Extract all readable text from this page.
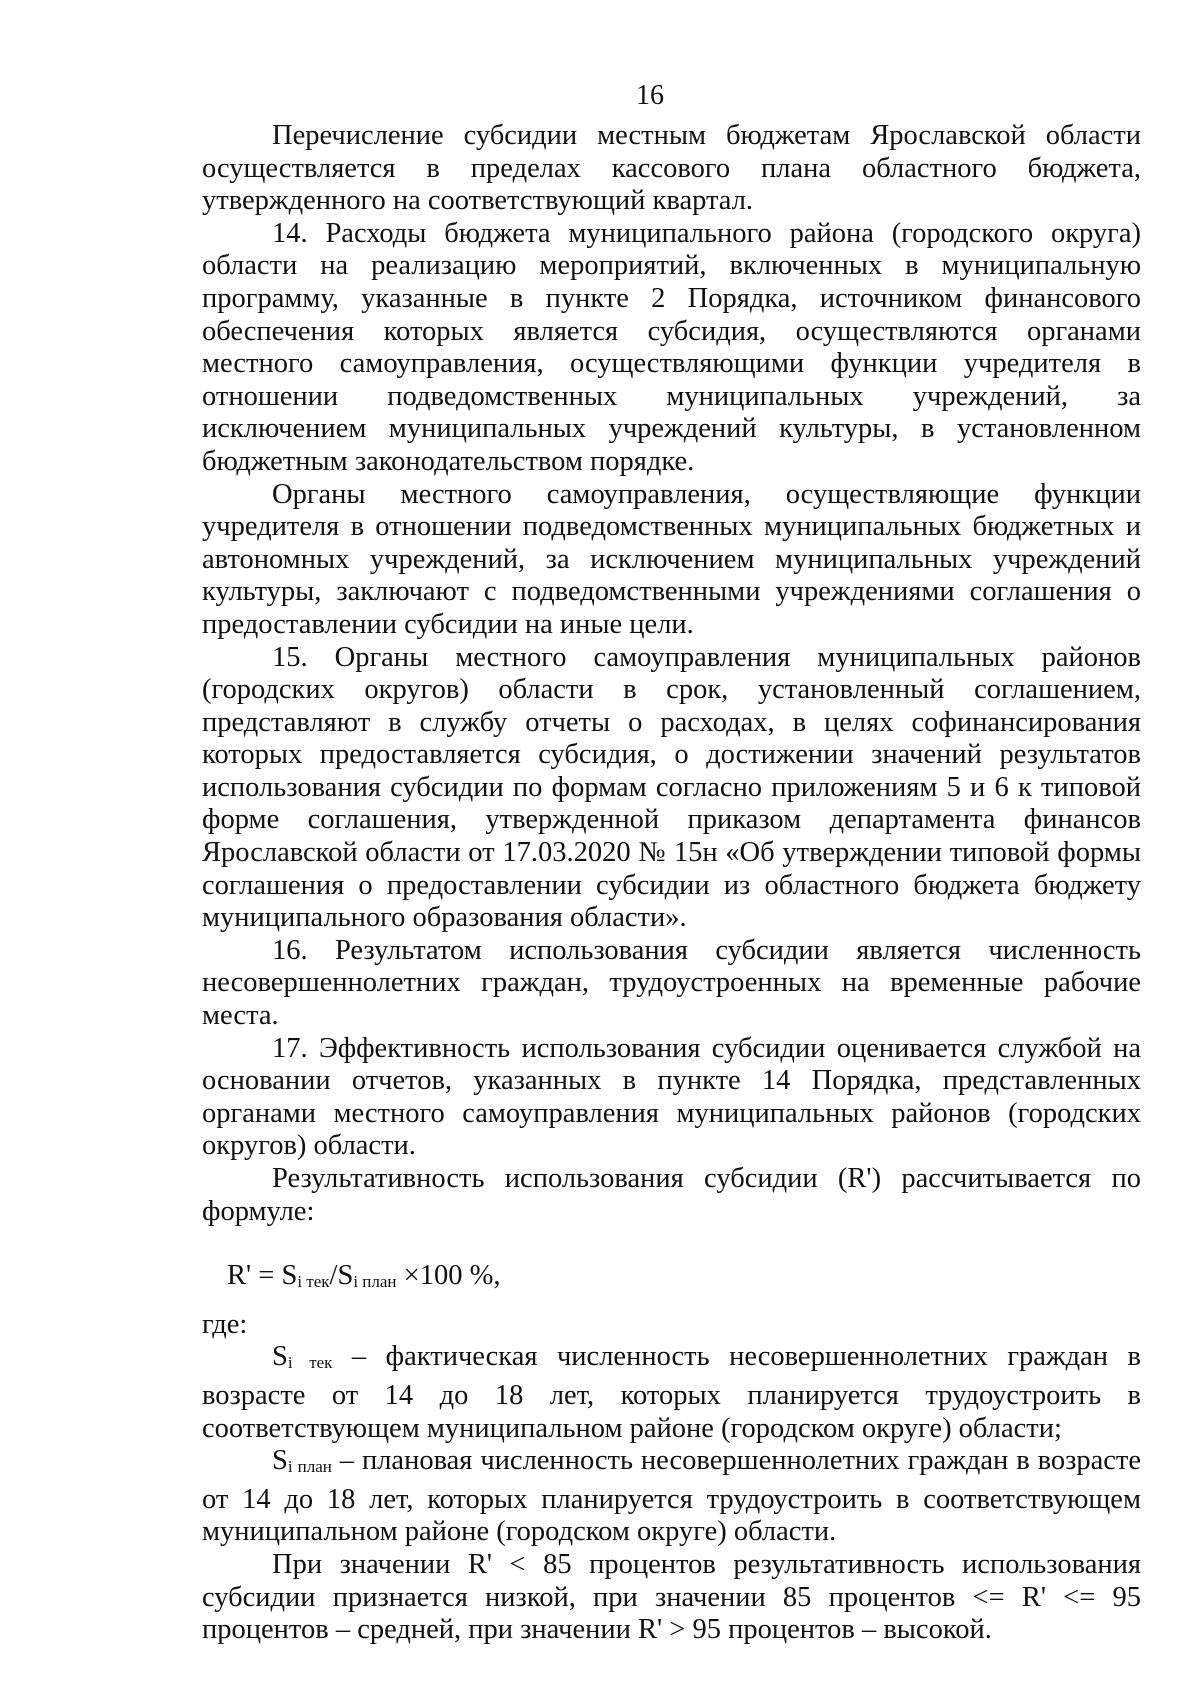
16

Перечисление субсидии местным бюджетам Ярославской области осуществляется в пределах кассового плана областного бюджета, утвержденного на соответствующий квартал.

14. Расходы бюджета муниципального района (городского округа) области на реализацию мероприятий, включенных в муниципальную программу, указанные в пункте 2 Порядка, источником финансового обеспечения которых является субсидия, осуществляются органами местного самоуправления, осуществляющими функции учредителя в отношении подведомственных муниципальных учреждений, за исключением муниципальных учреждений культуры, в установленном бюджетным законодательством порядке.

Органы местного самоуправления, осуществляющие функции учредителя в отношении подведомственных муниципальных бюджетных и автономных учреждений, за исключением муниципальных учреждений культуры, заключают с подведомственными учреждениями соглашения о предоставлении субсидии на иные цели.

15. Органы местного самоуправления муниципальных районов (городских округов) области в срок, установленный соглашением, представляют в службу отчеты о расходах, в целях софинансирования которых предоставляется субсидия, о достижении значений результатов использования субсидии по формам согласно приложениям 5 и 6 к типовой форме соглашения, утвержденной приказом департамента финансов Ярославской области от 17.03.2020 № 15н «Об утверждении типовой формы соглашения о предоставлении субсидии из областного бюджета бюджету муниципального образования области».

16. Результатом использования субсидии является численность несовершеннолетних граждан, трудоустроенных на временные рабочие места.

17. Эффективность использования субсидии оценивается службой на основании отчетов, указанных в пункте 14 Порядка, представленных органами местного самоуправления муниципальных районов (городских округов) области.

Результативность использования субсидии (R') рассчитывается по формуле:

$R' = S_{i тек}/S_{i план} \times 100$ %,

где:

$S_{i тек}$ – фактическая численность несовершеннолетних граждан в возрасте от 14 до 18 лет, которых планируется трудоустроить в соответствующем муниципальном районе (городском округе) области;

$S_{i план}$ – плановая численность несовершеннолетних граждан в возрасте от 14 до 18 лет, которых планируется трудоустроить в соответствующем муниципальном районе (городском округе) области.

При значении R' < 85 процентов результативность использования субсидии признается низкой, при значении 85 процентов <= R' <= 95 процентов – средней, при значении R' > 95 процентов – высокой.
